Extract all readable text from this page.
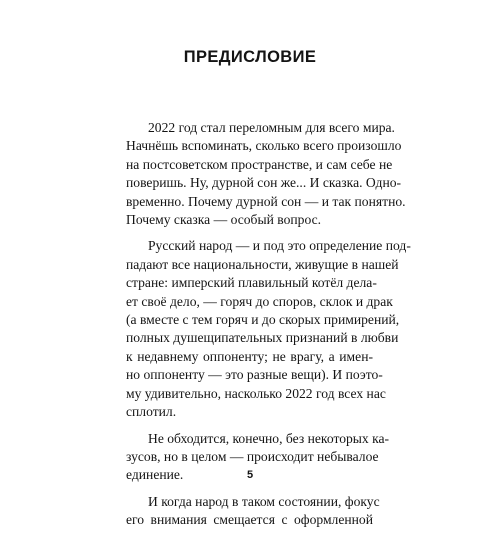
ПРЕДИСЛОВИЕ

2022 год стал переломным для всего мира.
Начнёшь вспоминать, сколько всего произошло
на постсоветском пространстве, и сам себе не
поверишь. Ну, дурной сон же... И сказка. Одно-
временно. Почему дурной сон — и так понятно.
Почему сказка — особый вопрос.

Русский народ — и под это определение под-
падают все национальности, живущие в нашей
стране: имперский плавильный котёл дела-
ет своё дело, — горяч до споров, склок и драк
(а вместе с тем горяч и до скорых примирений,
полных душещипательных признаний в любви
к недавнему оппоненту; не врагу, а имен-
но оппоненту — это разные вещи). И поэто-
му удивительно, насколько 2022 год всех нас
сплотил.

Не обходится, конечно, без некоторых ка-
зусов, но в целом — происходит небывалое
единение.

И когда народ в таком состоянии, фокус
его внимания смещается с оформленной

5
